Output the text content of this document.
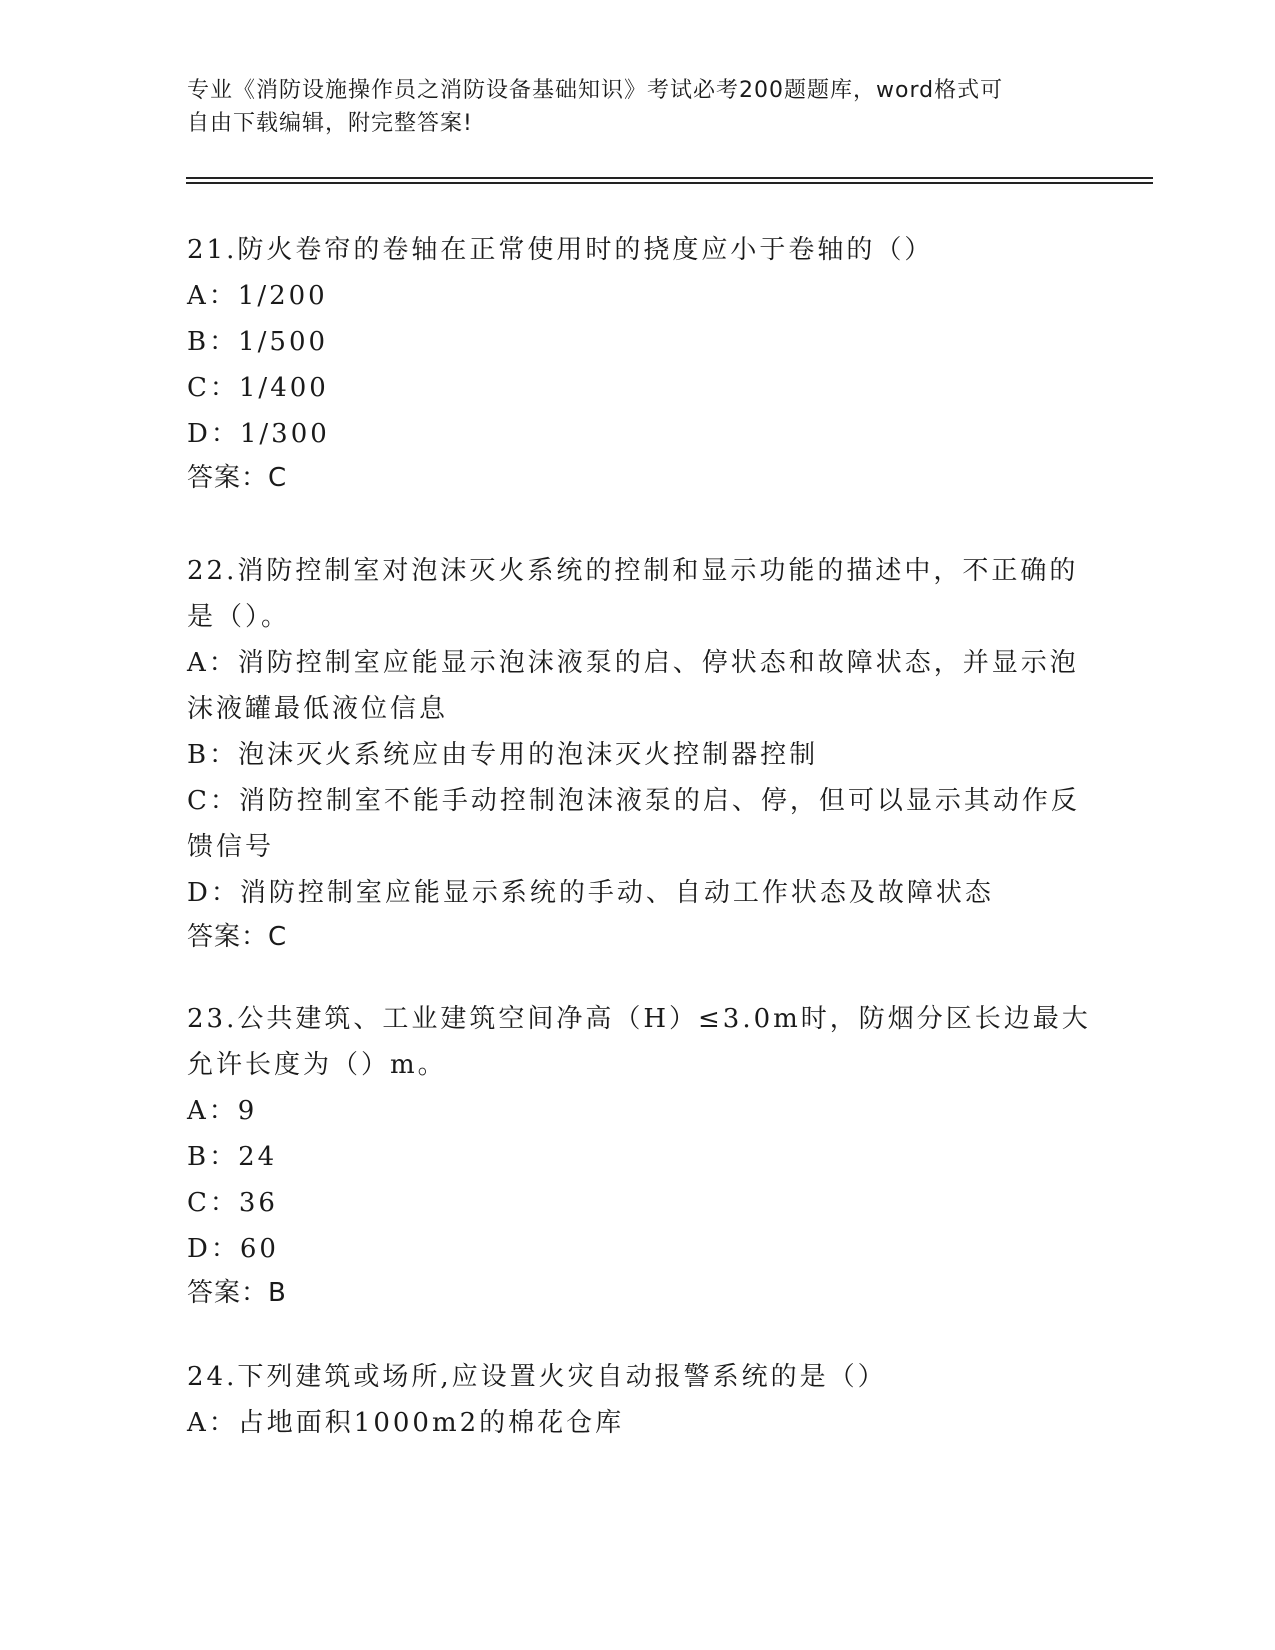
专业《消防设施操作员之消防设备基础知识》考试必考200题题库，word格式可
自由下载编辑，附完整答案!
21.防火卷帘的卷轴在正常使用时的挠度应小于卷轴的（）
A：1/200
B：1/500
C：1/400
D：1/300
答案：C
22.消防控制室对泡沫灭火系统的控制和显示功能的描述中，不正确的
是（）。
A：消防控制室应能显示泡沫液泵的启、停状态和故障状态，并显示泡
沫液罐最低液位信息
B：泡沫灭火系统应由专用的泡沫灭火控制器控制
C：消防控制室不能手动控制泡沫液泵的启、停，但可以显示其动作反
馈信号
D：消防控制室应能显示系统的手动、自动工作状态及故障状态
答案：C
23.公共建筑、工业建筑空间净高（H）≤3.0m时，防烟分区长边最大
允许长度为（）m。
A：9
B：24
C：36
D：60
答案：B
24.下列建筑或场所,应设置火灾自动报警系统的是（）
A：占地面积1000m2的棉花仓库
